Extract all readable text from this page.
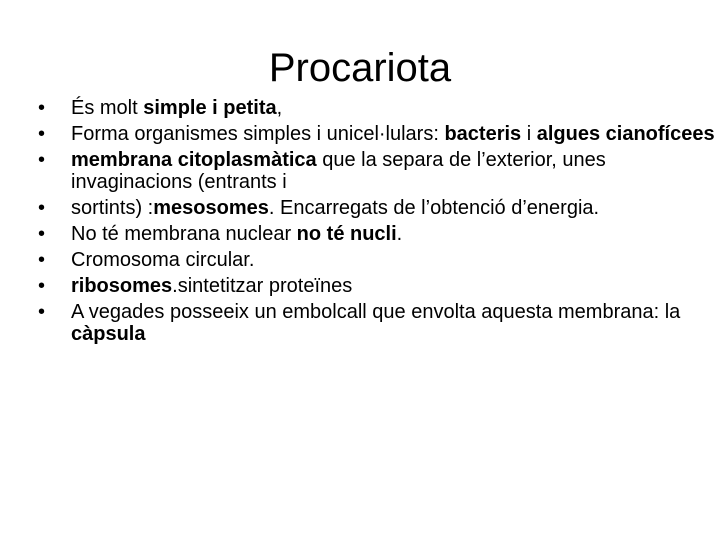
Procariota
• És molt simple i petita,
• Forma organismes simples i unicel·lulars: bacteris i algues cianofícees
• membrana citoplasmàtica que la separa de l’exterior, unes invaginacions (entrants i
• sortints) :mesosomes. Encarregats de l’obtenció d’energia.
• No té membrana nuclear no té nucli.
• Cromosoma circular.
• ribosomes.sintetitzar proteïnes
• A vegades posseeix un embolcall que envolta aquesta membrana: la càpsula
